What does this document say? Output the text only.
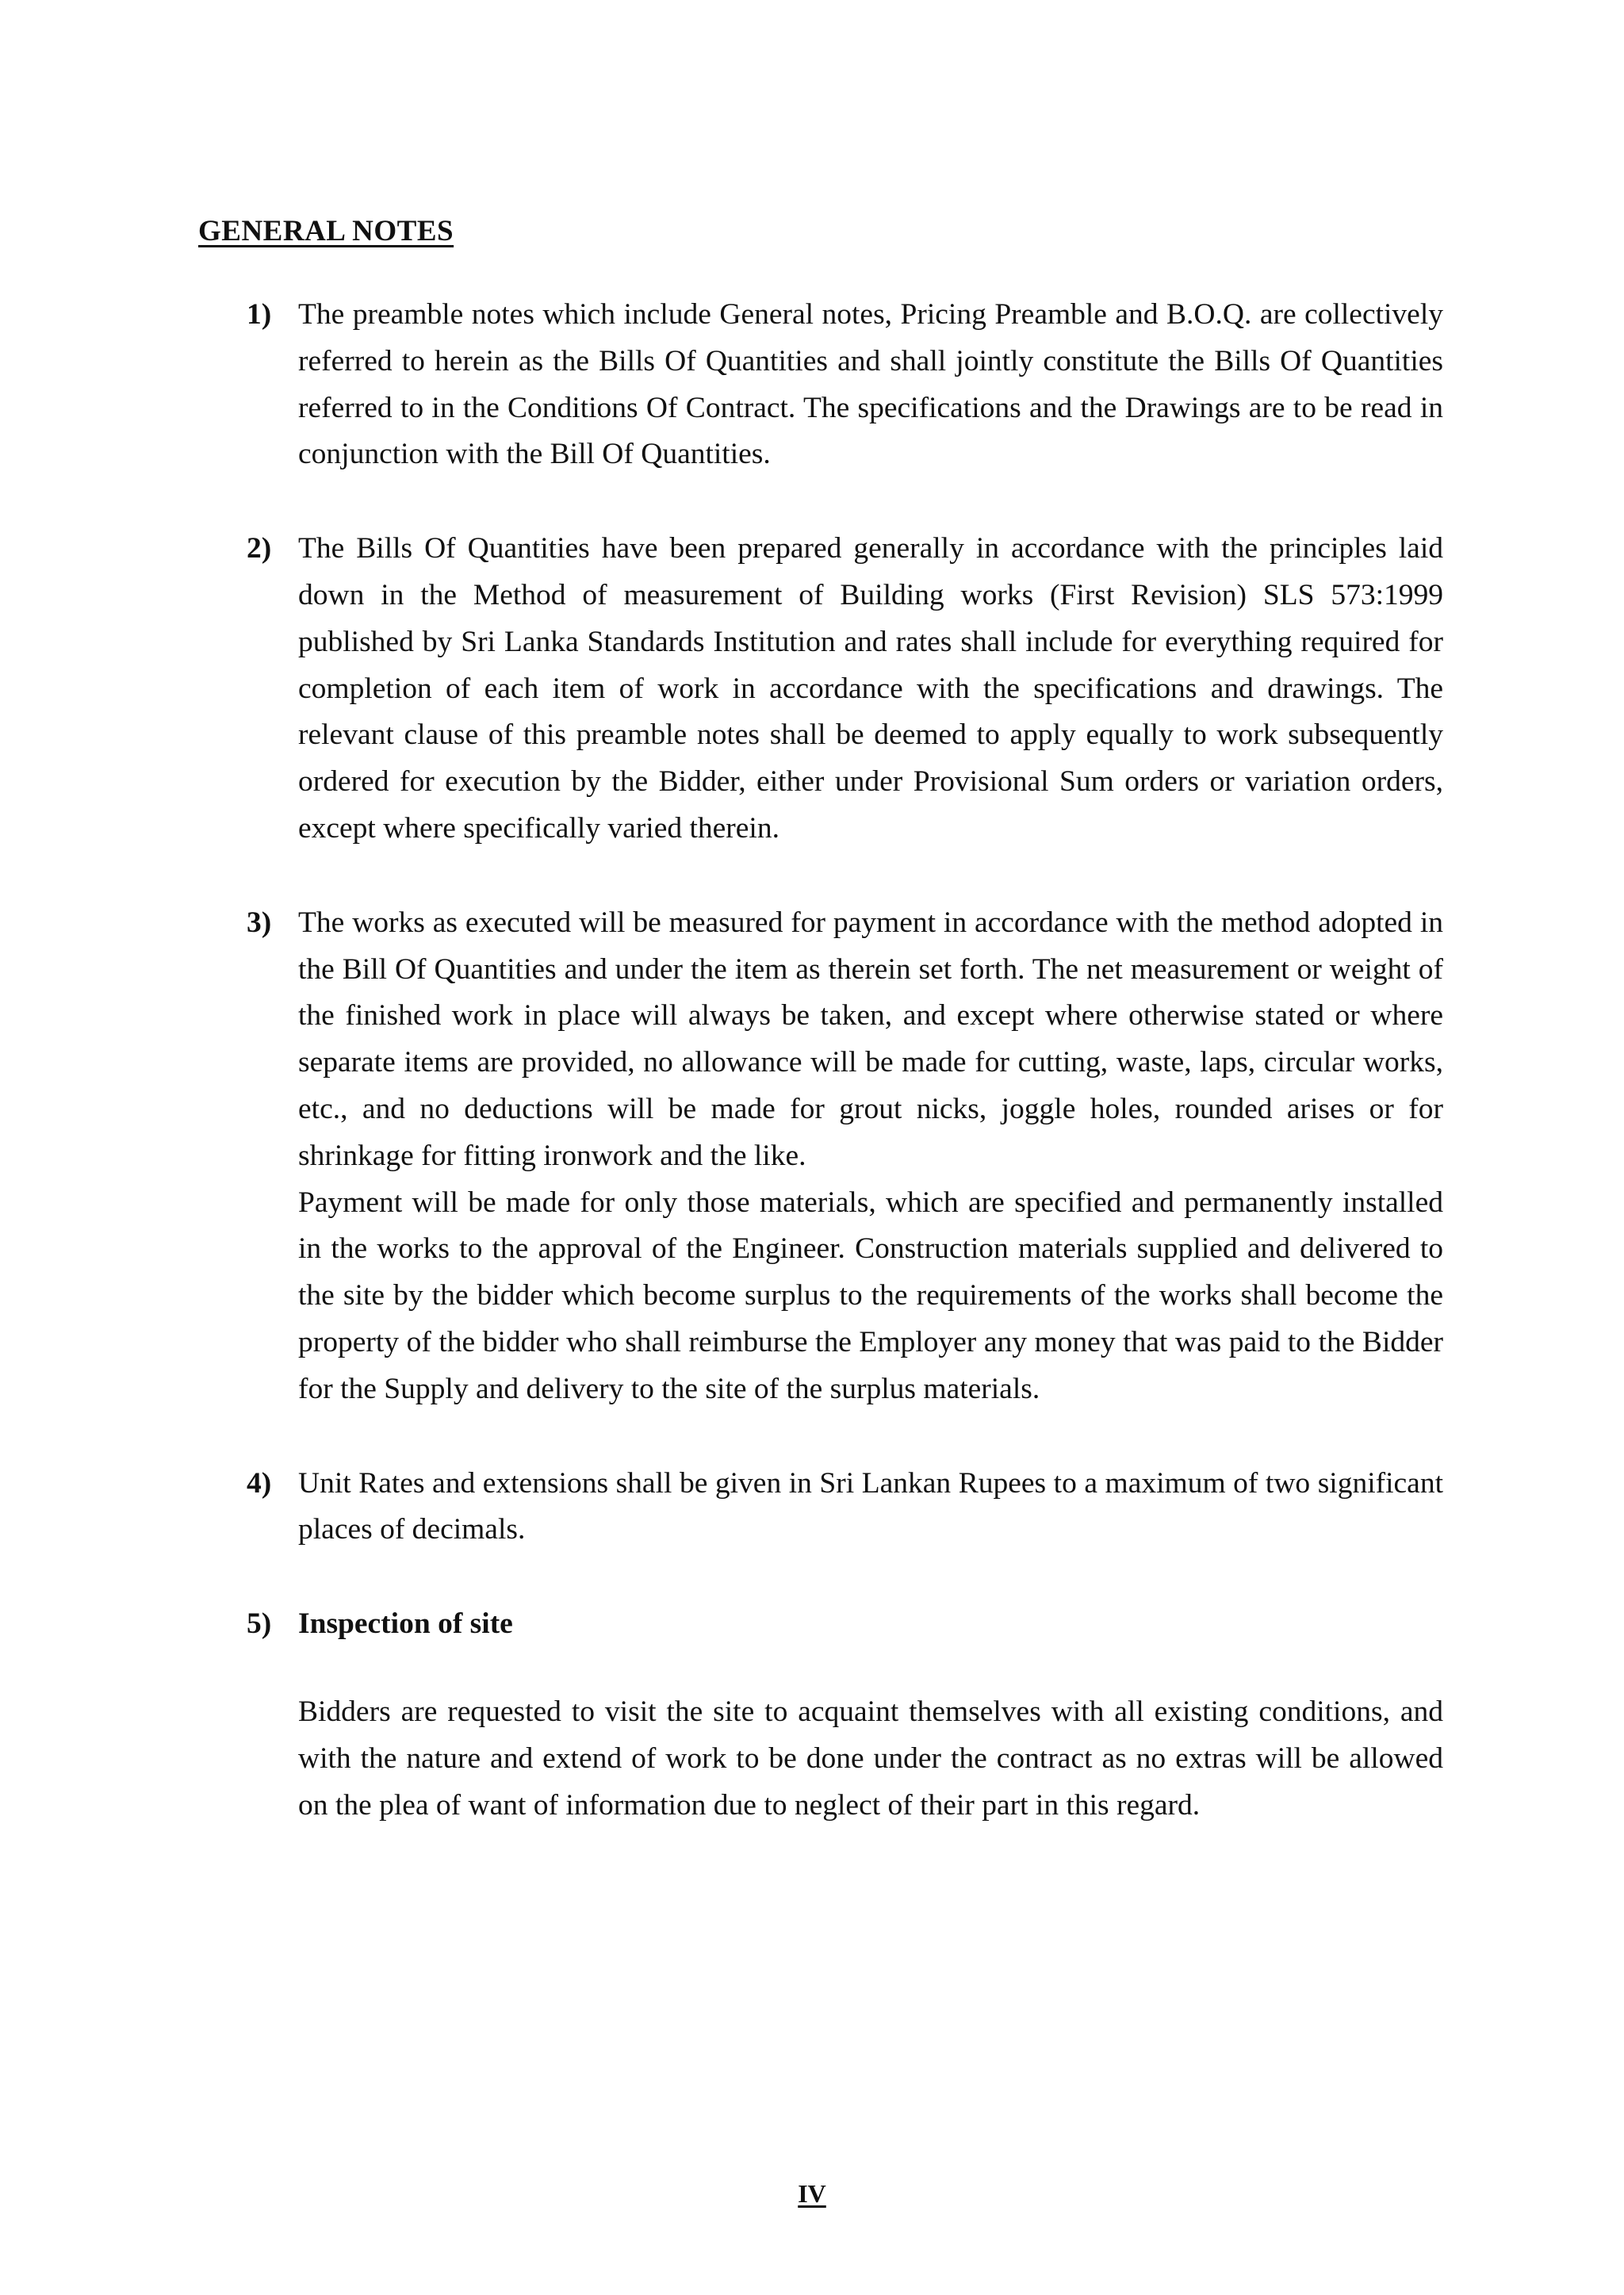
GENERAL NOTES
1) The preamble notes which include General notes, Pricing Preamble and B.O.Q. are collectively referred to herein as the Bills Of Quantities and shall jointly constitute the Bills Of Quantities referred to in the Conditions Of Contract. The specifications and the Drawings are to be read in conjunction with the Bill Of Quantities.

2) The Bills Of Quantities have been prepared generally in accordance with the principles laid down in the Method of measurement of Building works (First Revision) SLS 573:1999 published by Sri Lanka Standards Institution and rates shall include for everything required for completion of each item of work in accordance with the specifications and drawings. The relevant clause of this preamble notes shall be deemed to apply equally to work subsequently ordered for execution by the Bidder, either under Provisional Sum orders or variation orders, except where specifically varied therein.

3) The works as executed will be measured for payment in accordance with the method adopted in the Bill Of Quantities and under the item as therein set forth. The net measurement or weight of the finished work in place will always be taken, and except where otherwise stated or where separate items are provided, no allowance will be made for cutting, waste, laps, circular works, etc., and no deductions will be made for grout nicks, joggle holes, rounded arises or for shrinkage for fitting ironwork and the like.

Payment will be made for only those materials, which are specified and permanently installed in the works to the approval of the Engineer. Construction materials supplied and delivered to the site by the bidder which become surplus to the requirements of the works shall become the property of the bidder who shall reimburse the Employer any money that was paid to the Bidder for the Supply and delivery to the site of the surplus materials.

4) Unit Rates and extensions shall be given in Sri Lankan Rupees to a maximum of two significant places of decimals.

5) Inspection of site

Bidders are requested to visit the site to acquaint themselves with all existing conditions, and with the nature and extend of work to be done under the contract as no extras will be allowed on the plea of want of information due to neglect of their part in this regard.

IV
